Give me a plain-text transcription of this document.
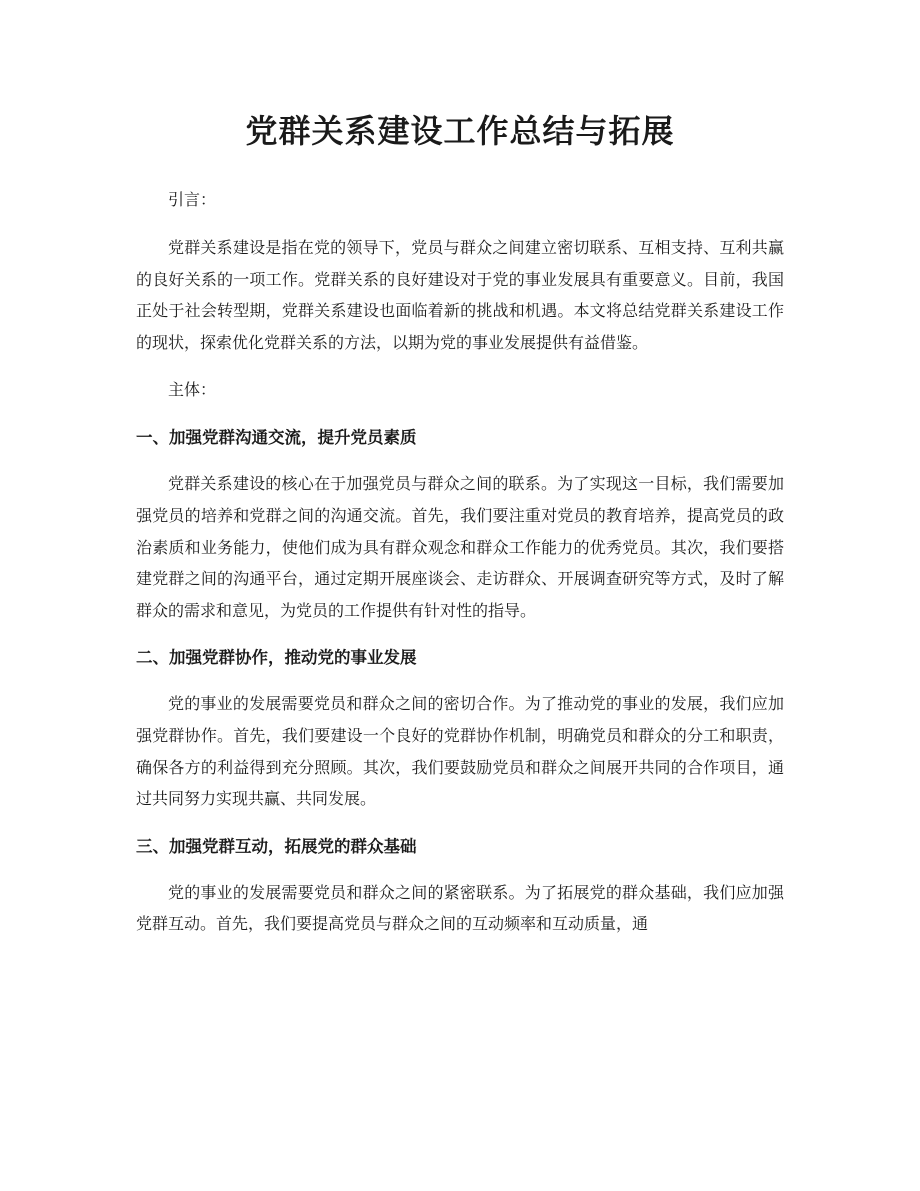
党群关系建设工作总结与拓展

引言：

党群关系建设是指在党的领导下，党员与群众之间建立密切联系、互相支持、互利共赢的良好关系的一项工作。党群关系的良好建设对于党的事业发展具有重要意义。目前，我国正处于社会转型期，党群关系建设也面临着新的挑战和机遇。本文将总结党群关系建设工作的现状，探索优化党群关系的方法，以期为党的事业发展提供有益借鉴。

主体：

一、加强党群沟通交流，提升党员素质

党群关系建设的核心在于加强党员与群众之间的联系。为了实现这一目标，我们需要加强党员的培养和党群之间的沟通交流。首先，我们要注重对党员的教育培养，提高党员的政治素质和业务能力，使他们成为具有群众观念和群众工作能力的优秀党员。其次，我们要搭建党群之间的沟通平台，通过定期开展座谈会、走访群众、开展调查研究等方式，及时了解群众的需求和意见，为党员的工作提供有针对性的指导。

二、加强党群协作，推动党的事业发展

党的事业的发展需要党员和群众之间的密切合作。为了推动党的事业的发展，我们应加强党群协作。首先，我们要建设一个良好的党群协作机制，明确党员和群众的分工和职责，确保各方的利益得到充分照顾。其次，我们要鼓励党员和群众之间展开共同的合作项目，通过共同努力实现共赢、共同发展。

三、加强党群互动，拓展党的群众基础

党的事业的发展需要党员和群众之间的紧密联系。为了拓展党的群众基础，我们应加强党群互动。首先，我们要提高党员与群众之间的互动频率和互动质量，通
